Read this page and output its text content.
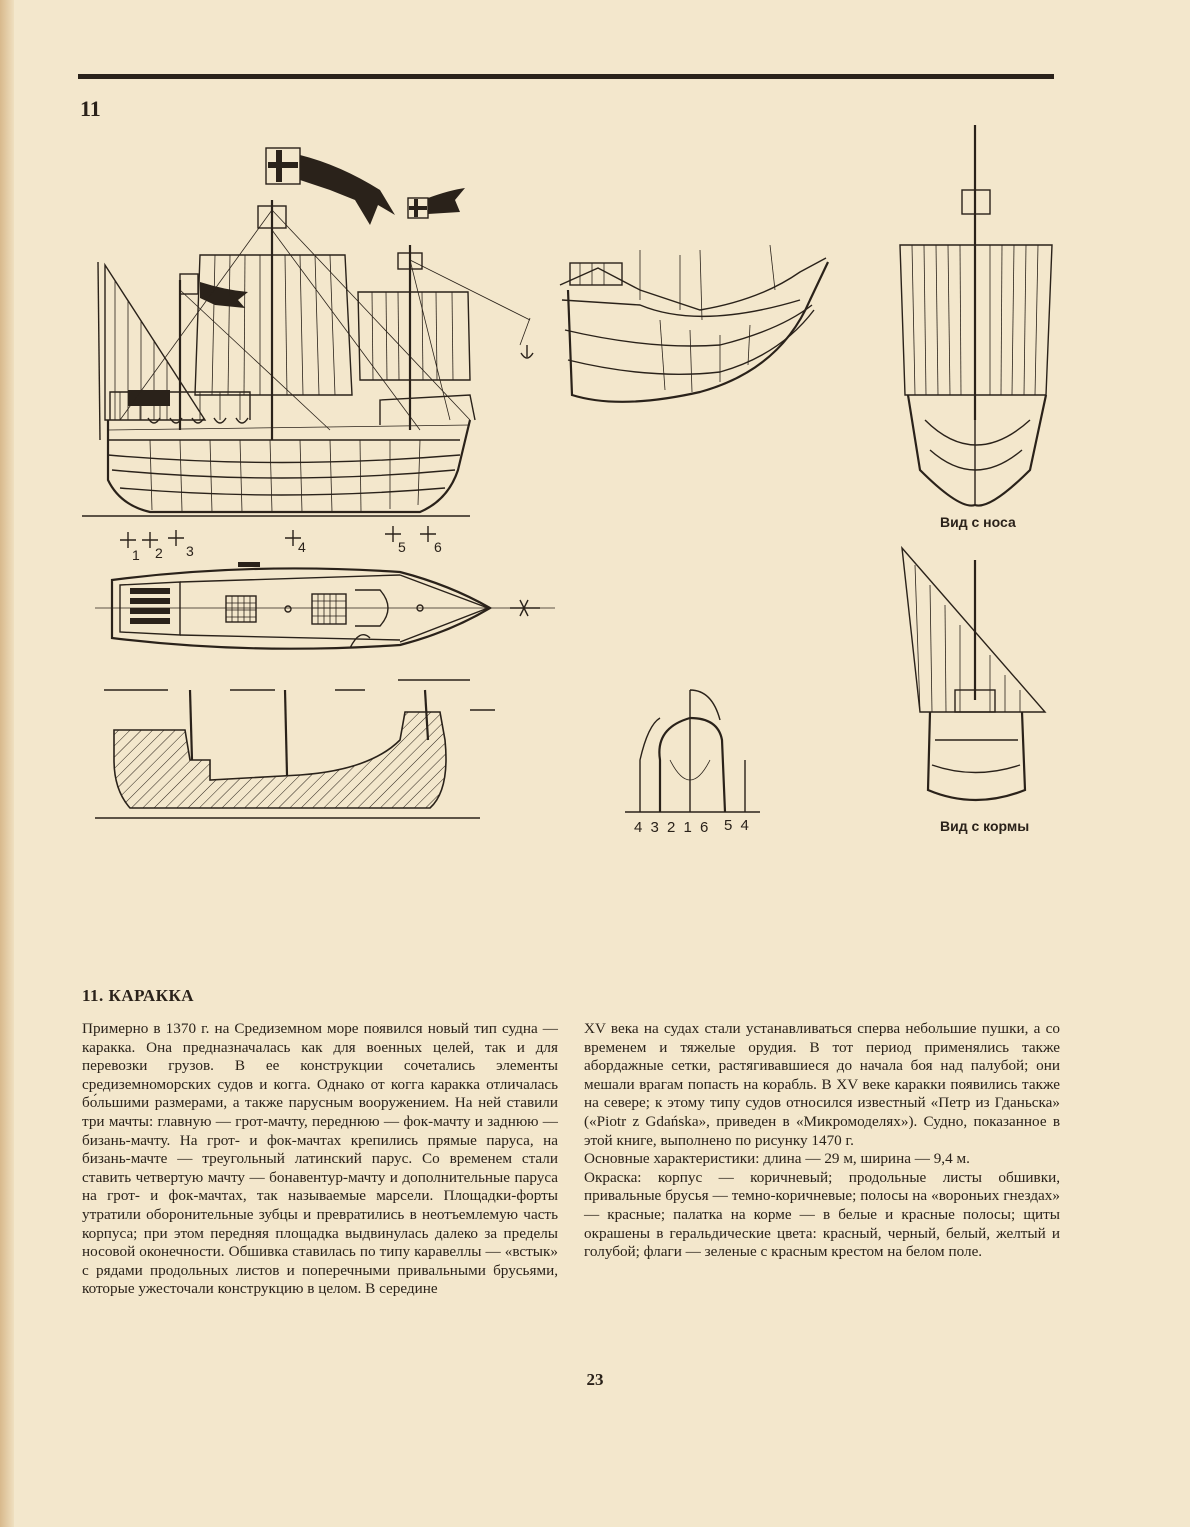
11
1 2 3	4	5 6
4 3 2 1 6 5 4
Вид с носа
Вид с кормы
11. КАРАККА

Примерно в 1370 г. на Средиземном море появился новый тип судна — каракка. Она предназначалась как для военных целей, так и для перевозки грузов. В ее конструкции сочетались элементы средиземноморских судов и когга. Однако от когга каракка отличалась бо́льшими размерами, а также парусным вооружением. На ней ставили три мачты: главную — грот-мачту, переднюю — фок-мачту и заднюю — бизань-мачту. На грот- и фок-мачтах крепились прямые паруса, на бизань-мачте — треугольный латинский парус. Со временем стали ставить четвертую мачту — бонавентур-мачту и дополнительные паруса на грот- и фок-мачтах, так называемые марсели. Площадки-форты утратили оборонительные зубцы и превратились в неотъемлемую часть корпуса; при этом передняя площадка выдвинулась далеко за пределы носовой оконечности. Обшивка ставилась по типу каравеллы — «встык» с рядами продольных листов и поперечными привальными брусьями, которые ужесточали конструкцию в целом. В середине

XV века на судах стали устанавливаться сперва небольшие пушки, а со временем и тяжелые орудия. В тот период применялись также абордажные сетки, растягивавшиеся до начала боя над палубой; они мешали врагам попасть на корабль. В XV веке каракки появились также на севере; к этому типу судов относился известный «Петр из Гданьска» («Piotr z Gdańska», приведен в «Микромоделях»). Судно, показанное в этой книге, выполнено по рисунку 1470 г.

Основные характеристики: длина — 29 м, ширина — 9,4 м.

Окраска: корпус — коричневый; продольные листы обшивки, привальные брусья — темно-коричневые; полосы на «вороньих гнездах» — красные; палатка на корме — в белые и красные полосы; щиты окрашены в геральдические цвета: красный, черный, белый, желтый и голубой; флаги — зеленые с красным крестом на белом поле.

23
